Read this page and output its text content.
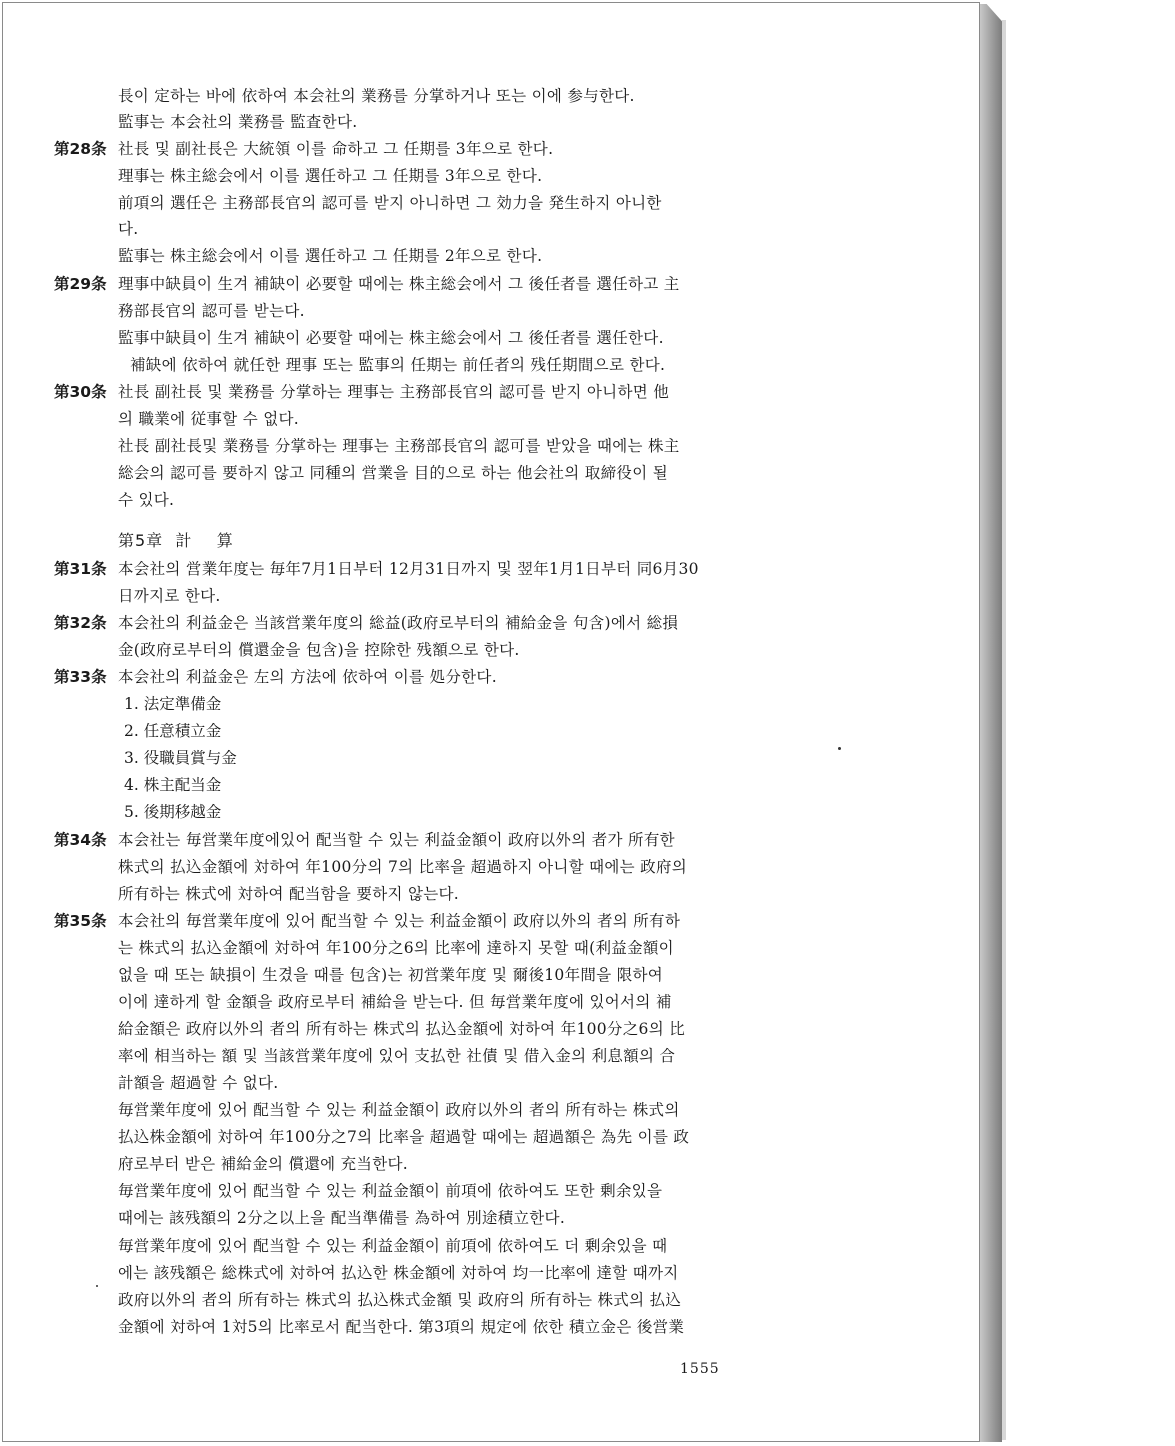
長이 定하는 바에 依하여 本会社의 業務를 分掌하거나 또는 이에 参与한다.
監事는 本会社의 業務를 監査한다.
第28条 社長 및 副社長은 大統領 이를 命하고 그 任期를 3年으로 한다.
理事는 株主総会에서 이를 選任하고 그 任期를 3年으로 한다.
前項의 選任은 主務部長官의 認可를 받지 아니하면 그 効力을 発生하지 아니한
다.
監事는 株主総会에서 이를 選任하고 그 任期를 2年으로 한다.
第29条 理事中缺員이 生겨 補缺이 必要할 때에는 株主総会에서 그 後任者를 選任하고 主
務部長官의 認可를 받는다.
監事中缺員이 生겨 補缺이 必要할 때에는 株主総会에서 그 後任者를 選任한다.
補缺에 依하여 就任한 理事 또는 監事의 任期는 前任者의 残任期間으로 한다.
第30条 社長 副社長 및 業務를 分掌하는 理事는 主務部長官의 認可를 받지 아니하면 他
의 職業에 従事할 수 없다.
社長 副社長및 業務를 分掌하는 理事는 主務部長官의 認可를 받았을 때에는 株主
総会의 認可를 要하지 않고 同種의 営業을 目的으로 하는 他会社의 取締役이 될
수 있다.
第5章  計    算
第31条 本会社의 営業年度는 毎年7月1日부터 12月31日까지 및 翌年1月1日부터 同6月30
日까지로 한다.
第32条 本会社의 利益金은 当該営業年度의 総益(政府로부터의 補給金을 句含)에서 総損
金(政府로부터의 償還金을 包含)을 控除한 残額으로 한다.
第33条 本会社의 利益金은 左의 方法에 依하여 이를 処分한다.
1. 法定準備金
2. 任意積立金
3. 役職員賞与金
4. 株主配当金
5. 後期移越金
第34条 本会社는 毎営業年度에있어 配当할 수 있는 利益金額이 政府以外의 者가 所有한
株式의 払込金額에 対하여 年100分의 7의 比率을 超過하지 아니할 때에는 政府의
所有하는 株式에 対하여 配当함을 要하지 않는다.
第35条 本会社의 毎営業年度에 있어 配当할 수 있는 利益金額이 政府以外의 者의 所有하
는 株式의 払込金額에 対하여 年100分之6의 比率에 達하지 못할 때(利益金額이
없을 때 또는 缺損이 生겼을 때를 包含)는 初営業年度 및 爾後10年間을 限하여
이에 達하게 할 金額을 政府로부터 補給을 받는다. 但 毎営業年度에 있어서의 補
給金額은 政府以外의 者의 所有하는 株式의 払込金額에 対하여 年100分之6의 比
率에 相当하는 額 및 当該営業年度에 있어 支払한 社債 및 借入金의 利息額의 合
計額을 超過할 수 없다.
毎営業年度에 있어 配当할 수 있는 利益金額이 政府以外의 者의 所有하는 株式의
払込株金額에 対하여 年100分之7의 比率을 超過할 때에는 超過額은 為先 이를 政
府로부터 받은 補給金의 償還에 充当한다.
毎営業年度에 있어 配当할 수 있는 利益金額이 前項에 依하여도 또한 剰余있을
때에는 該残額의 2分之以上을 配当準備를 為하여 別途積立한다.
毎営業年度에 있어 配当할 수 있는 利益金額이 前項에 依하여도 더 剰余있을 때
에는 該残額은 総株式에 対하여 払込한 株金額에 対하여 均一比率에 達할 때까지
政府以外의 者의 所有하는 株式의 払込株式金額 및 政府의 所有하는 株式의 払込
金額에 対하여 1対5의 比率로서 配当한다. 第3項의 規定에 依한 積立金은 後営業
1555
